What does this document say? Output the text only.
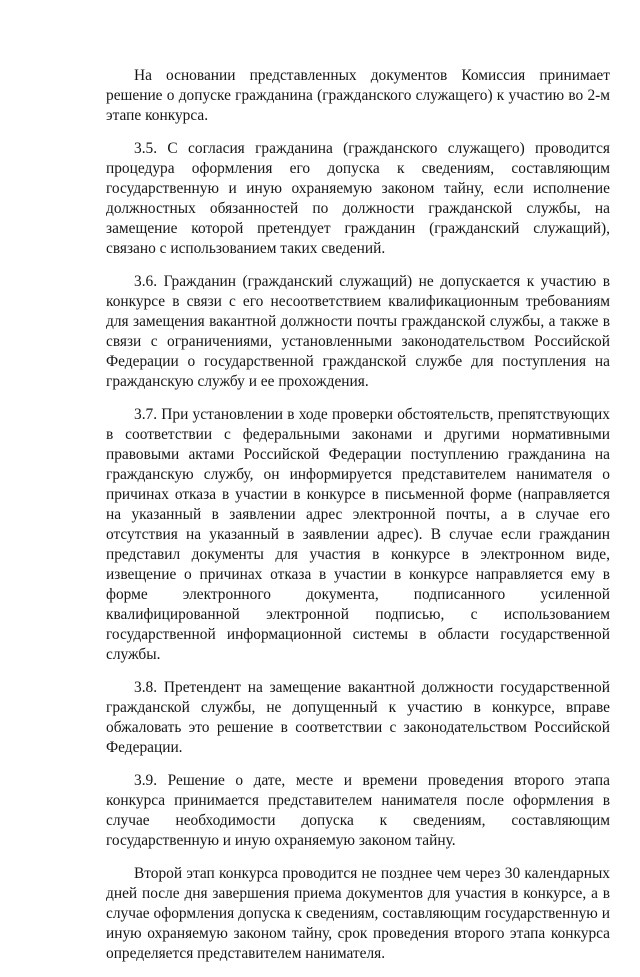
На основании представленных документов Комиссия принимает решение о допуске гражданина (гражданского служащего) к участию во 2-м этапе конкурса.

3.5. С согласия гражданина (гражданского служащего) проводится процедура оформления его допуска к сведениям, составляющим государственную и иную охраняемую законом тайну, если исполнение должностных обязанностей по должности гражданской службы, на замещение которой претендует гражданин (гражданский служащий), связано с использованием таких сведений.

3.6. Гражданин (гражданский служащий) не допускается к участию в конкурсе в связи с его несоответствием квалификационным требованиям для замещения вакантной должности почты гражданской службы, а также в связи с ограничениями, установленными законодательством Российской Федерации о государственной гражданской службе для поступления на гражданскую службу и ее прохождения.

3.7. При установлении в ходе проверки обстоятельств, препятствующих в соответствии с федеральными законами и другими нормативными правовыми актами Российской Федерации поступлению гражданина на гражданскую службу, он информируется представителем нанимателя о причинах отказа в участии в конкурсе в письменной форме (направляется на указанный в заявлении адрес электронной почты, а в случае его отсутствия на указанный в заявлении адрес). В случае если гражданин представил документы для участия в конкурсе в электронном виде, извещение о причинах отказа в участии в конкурсе направляется ему в форме электронного документа, подписанного усиленной квалифицированной электронной подписью, с использованием государственной информационной системы в области государственной службы.

3.8. Претендент на замещение вакантной должности государственной гражданской службы, не допущенный к участию в конкурсе, вправе обжаловать это решение в соответствии с законодательством Российской Федерации.

3.9. Решение о дате, месте и времени проведения второго этапа конкурса принимается представителем нанимателя после оформления в случае необходимости допуска к сведениям, составляющим государственную и иную охраняемую законом тайну.

Второй этап конкурса проводится не позднее чем через 30 календарных дней после дня завершения приема документов для участия в конкурсе, а в случае оформления допуска к сведениям, составляющим государственную и иную охраняемую законом тайну, срок проведения второго этапа конкурса определяется представителем нанимателя.
